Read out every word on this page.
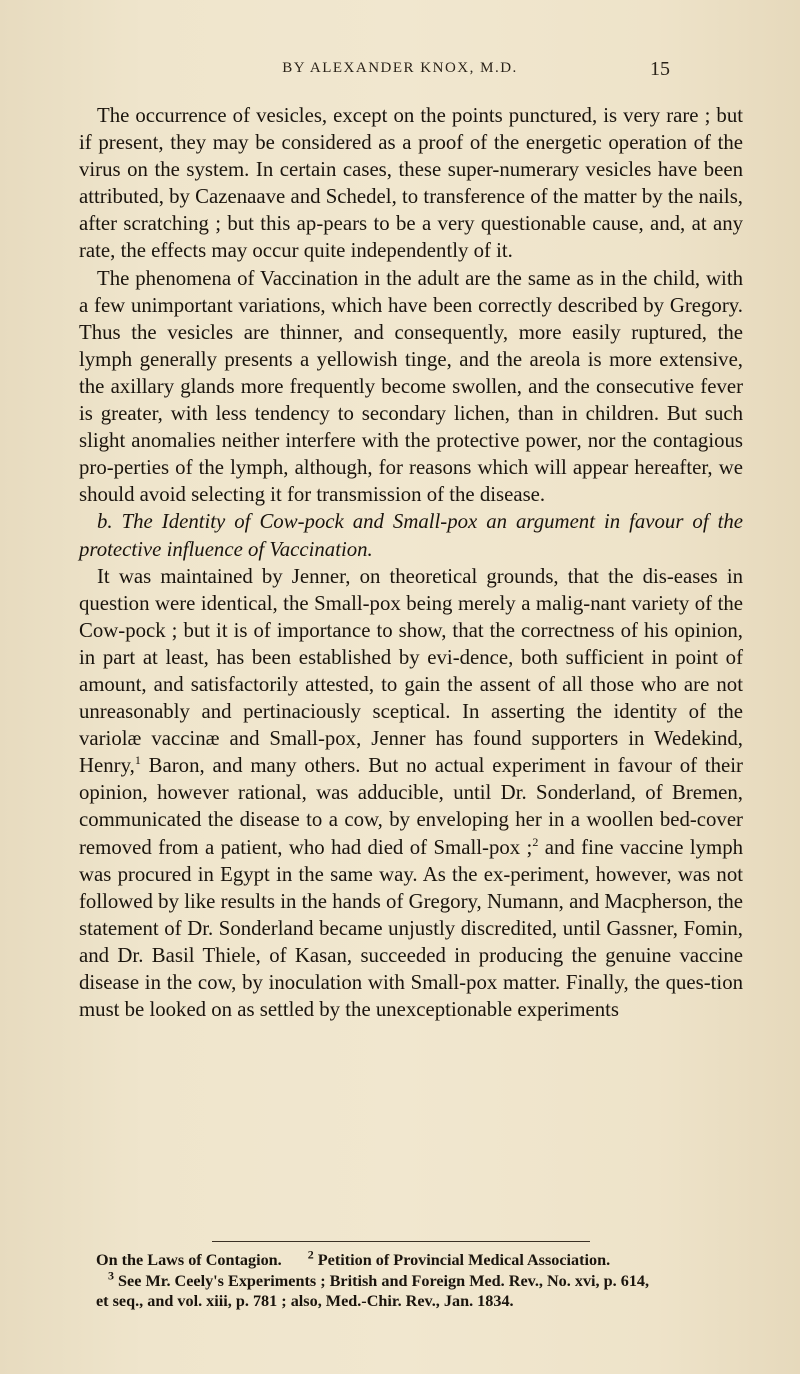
BY ALEXANDER KNOX, M.D.	15

The occurrence of vesicles, except on the points punctured, is very rare ; but if present, they may be considered as a proof of the energetic operation of the virus on the system. In certain cases, these super-numerary vesicles have been attributed, by Cazenaave and Schedel, to transference of the matter by the nails, after scratching ; but this ap-pears to be a very questionable cause, and, at any rate, the effects may occur quite independently of it.

The phenomena of Vaccination in the adult are the same as in the child, with a few unimportant variations, which have been correctly described by Gregory. Thus the vesicles are thinner, and consequently, more easily ruptured, the lymph generally presents a yellowish tinge, and the areola is more extensive, the axillary glands more frequently become swollen, and the consecutive fever is greater, with less tendency to secondary lichen, than in children. But such slight anomalies neither interfere with the protective power, nor the contagious pro-perties of the lymph, although, for reasons which will appear hereafter, we should avoid selecting it for transmission of the disease.

b. The Identity of Cow-pock and Small-pox an argument in favour of the protective influence of Vaccination.

It was maintained by Jenner, on theoretical grounds, that the dis-eases in question were identical, the Small-pox being merely a malig-nant variety of the Cow-pock ; but it is of importance to show, that the correctness of his opinion, in part at least, has been established by evi-dence, both sufficient in point of amount, and satisfactorily attested, to gain the assent of all those who are not unreasonably and pertinaciously sceptical. In asserting the identity of the variolæ vaccinæ and Small-pox, Jenner has found supporters in Wedekind, Henry,$^1$ Baron, and many others. But no actual experiment in favour of their opinion, however rational, was adducible, until Dr. Sonderland, of Bremen, communicated the disease to a cow, by enveloping her in a woollen bed-cover removed from a patient, who had died of Small-pox ;$^2$ and fine vaccine lymph was procured in Egypt in the same way. As the ex-periment, however, was not followed by like results in the hands of Gregory, Numann, and Macpherson, the statement of Dr. Sonderland became unjustly discredited, until Gassner, Fomin, and Dr. Basil Thiele, of Kasan, succeeded in producing the genuine vaccine disease in the cow, by inoculation with Small-pox matter. Finally, the ques-tion must be looked on as settled by the unexceptionable experiments

On the Laws of Contagion. $^2$ Petition of Provincial Medical Association.

$^3$ See Mr. Ceely's Experiments ; British and Foreign Med. Rev., No. xvi, p. 614,

et seq., and vol. xiii, p. 781 ; also, Med.-Chir. Rev., Jan. 1834.
